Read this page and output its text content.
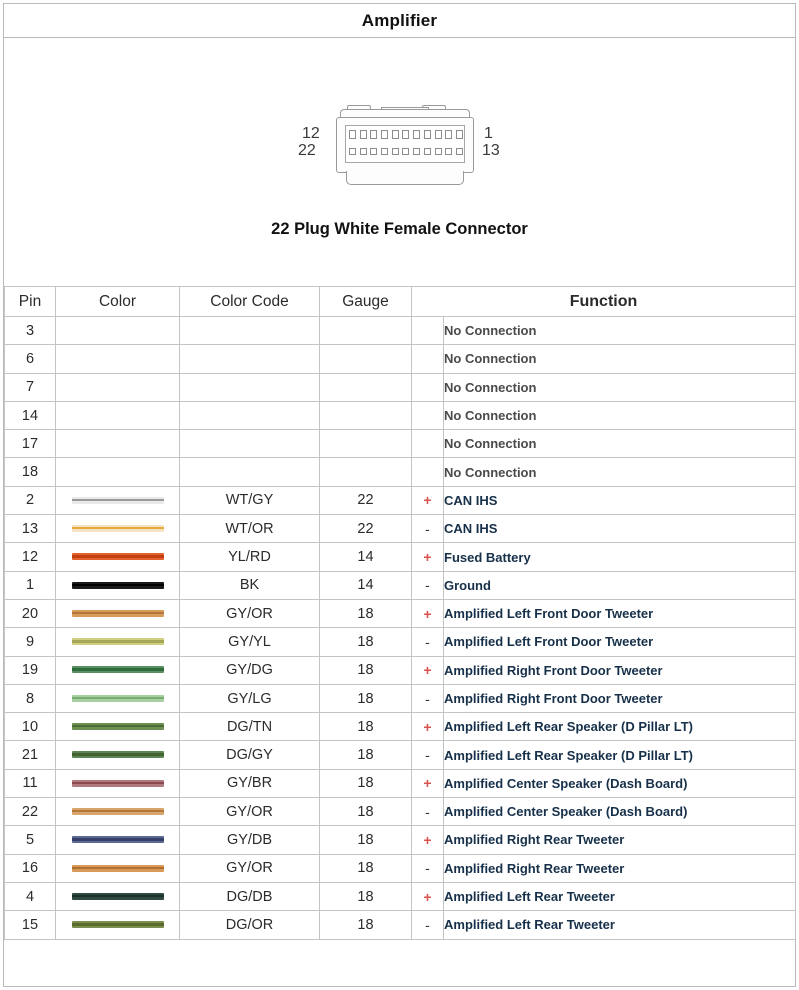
Amplifier
12
22
1
13
22 Plug White Female Connector
Pin	Color	Color Code	Gauge	Function	
3					No Connection
6					No Connection
7					No Connection
14					No Connection
17					No Connection
18					No Connection
2		WT/GY	22	+	CAN IHS
13		WT/OR	22	-	CAN IHS
12		YL/RD	14	+	Fused Battery
1		BK	14	-	Ground
20		GY/OR	18	+	Amplified Left Front Door Tweeter
9		GY/YL	18	-	Amplified Left Front Door Tweeter
19		GY/DG	18	+	Amplified Right Front Door Tweeter
8		GY/LG	18	-	Amplified Right Front Door Tweeter
10		DG/TN	18	+	Amplified Left Rear Speaker (D Pillar LT)
21		DG/GY	18	-	Amplified Left Rear Speaker (D Pillar LT)
11		GY/BR	18	+	Amplified Center Speaker (Dash Board)
22		GY/OR	18	-	Amplified Center Speaker (Dash Board)
5		GY/DB	18	+	Amplified Right Rear Tweeter
16		GY/OR	18	-	Amplified Right Rear Tweeter
4		DG/DB	18	+	Amplified Left Rear Tweeter
15		DG/OR	18	-	Amplified Left Rear Tweeter
